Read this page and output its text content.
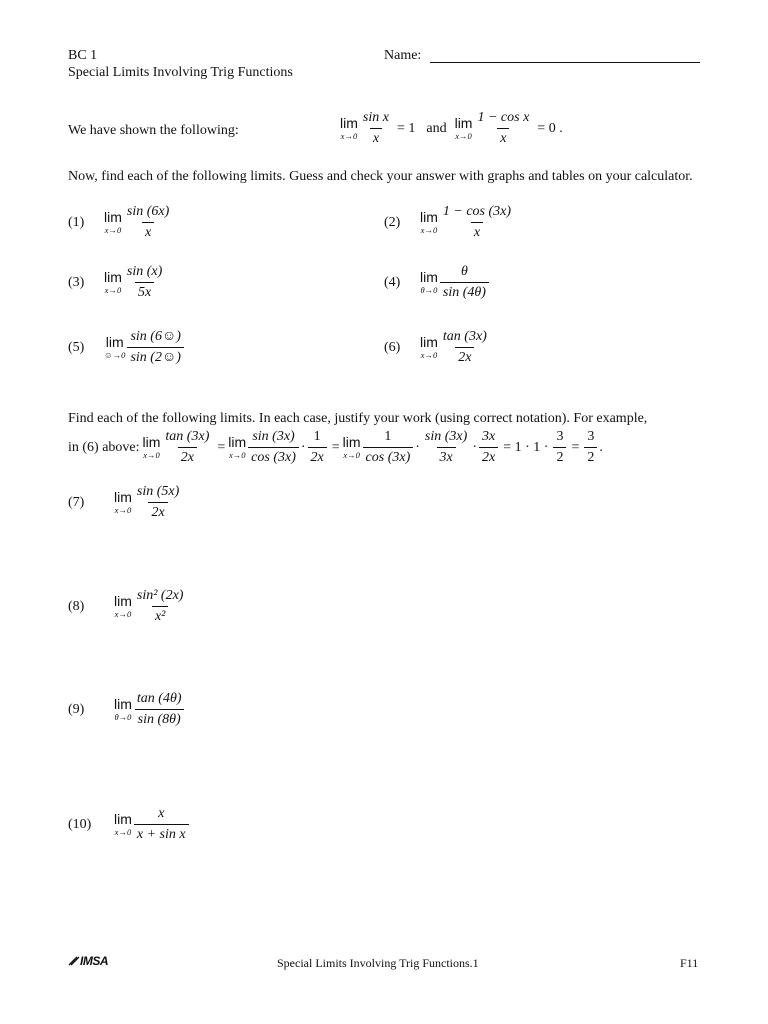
BC 1
Special Limits Involving Trig Functions
Name:
We have shown the following:	lim
$x\to 0 \frac{\text{sin x}}{x} = 1$ and lim
$x\to 0 \frac{\text{1 − cos x}}{x} = 0$ .
Now, find each of the following limits. Guess and check your answer with graphs and tables on your calculator.
(1)	lim
$x\to 0 \frac{\sin (6x)}{x}$	(2)	lim
$x\to 0 \frac{1 - \cos (3x)}{x}$
(3)	lim
$x\to 0 \frac{\sin (x)}{5x}$	(4)	lim
$\theta\to 0 \frac{\theta}{\sin (4\theta)}$
(5)	lim
☺→0 $\frac{\sin (6☺)}{\sin (2☺)}$	(6)	lim
$x\to 0 \frac{\tan (3x)}{2x}$
Find each of the following limits. In each case, justify your work (using correct notation). For example,
in (6) above: lim
$x\to 0 \frac{\tan (3x)}{2x} = \lim$
$x\to 0 \frac{\sin (3x)}{\cos (3x)} \cdot \frac{1}{2x} = \lim$
$x\to 0 \frac{1}{\cos (3x)} \cdot \frac{\sin (3x)}{3x} \cdot \frac{3x}{2x} = 1 \cdot 1 \cdot \frac{3}{2} = \frac{3}{2}$ .
(7)	lim
$x\to 0 \frac{\sin (5x)}{2x}$
(8)	lim
$x\to 0 \frac{\text{sin² (2x)}}{\text{x²}}$
(9)	lim
$\theta\to 0 \frac{\tan (4\theta)}{\sin (8\theta)}$
(10)	lim
$x\to 0 \frac{x}{\text{x + sin x}}$
IMSA	Special Limits Involving Trig Functions.1	F11
